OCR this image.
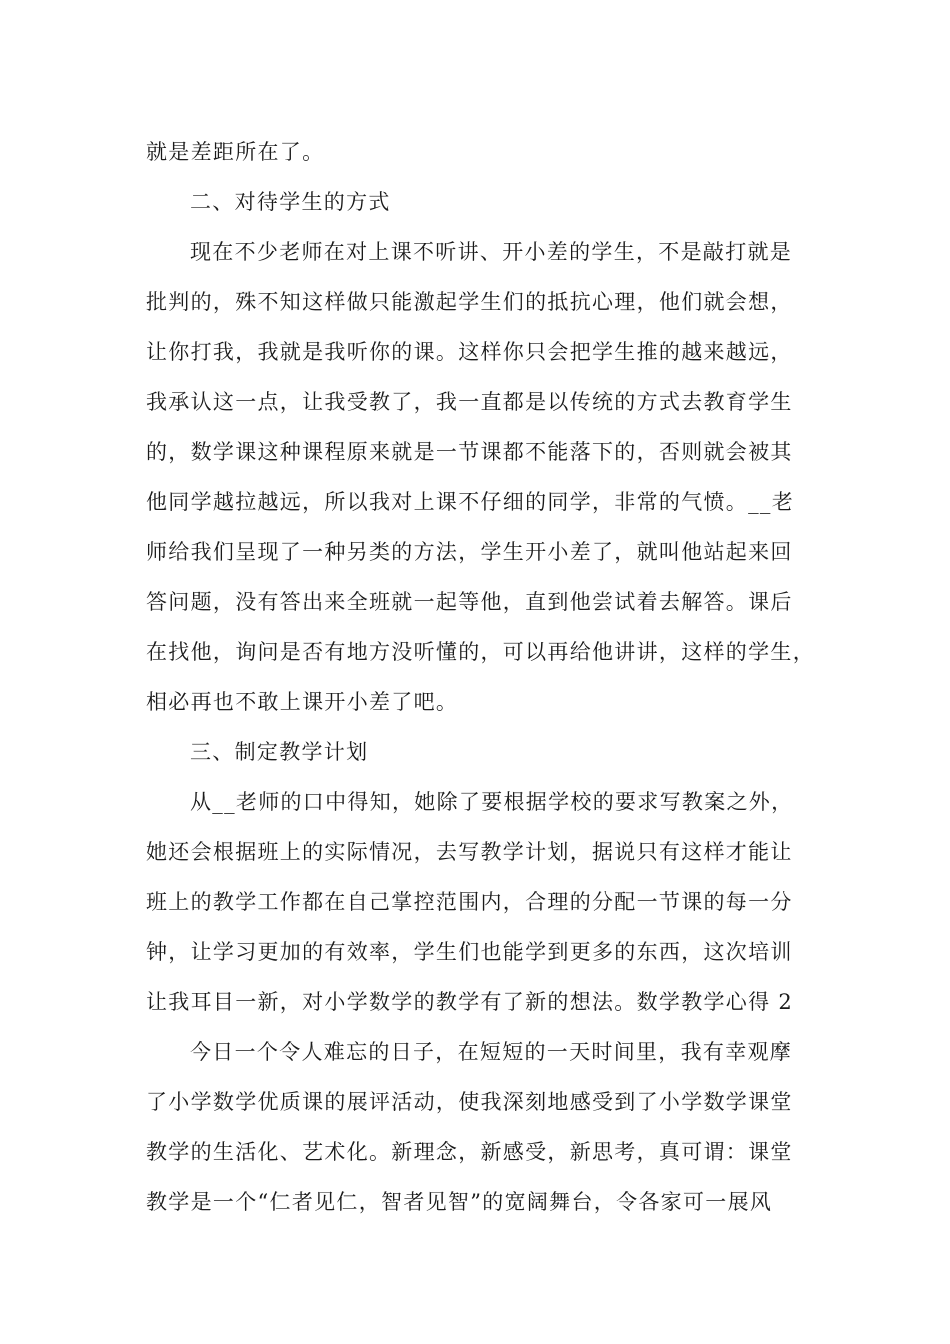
就是差距所在了。
二、对待学生的方式
现在不少老师在对上课不听讲、开小差的学生，不是敲打就是
批判的，殊不知这样做只能激起学生们的抵抗心理，他们就会想，
让你打我，我就是我听你的课。这样你只会把学生推的越来越远，
我承认这一点，让我受教了，我一直都是以传统的方式去教育学生
的，数学课这种课程原来就是一节课都不能落下的，否则就会被其
他同学越拉越远，所以我对上课不仔细的同学，非常的气愤。__老
师给我们呈现了一种另类的方法，学生开小差了，就叫他站起来回
答问题，没有答出来全班就一起等他，直到他尝试着去解答。课后
在找他，询问是否有地方没听懂的，可以再给他讲讲，这样的学生，
相必再也不敢上课开小差了吧。
三、制定教学计划
从__老师的口中得知，她除了要根据学校的要求写教案之外，
她还会根据班上的实际情况，去写教学计划，据说只有这样才能让
班上的教学工作都在自己掌控范围内，合理的分配一节课的每一分
钟，让学习更加的有效率，学生们也能学到更多的东西，这次培训
让我耳目一新，对小学数学的教学有了新的想法。数学教学心得 2
今日一个令人难忘的日子，在短短的一天时间里，我有幸观摩
了小学数学优质课的展评活动，使我深刻地感受到了小学数学课堂
教学的生活化、艺术化。新理念，新感受，新思考，真可谓：课堂
教学是一个“仁者见仁，智者见智”的宽阔舞台，令各家可一展风
